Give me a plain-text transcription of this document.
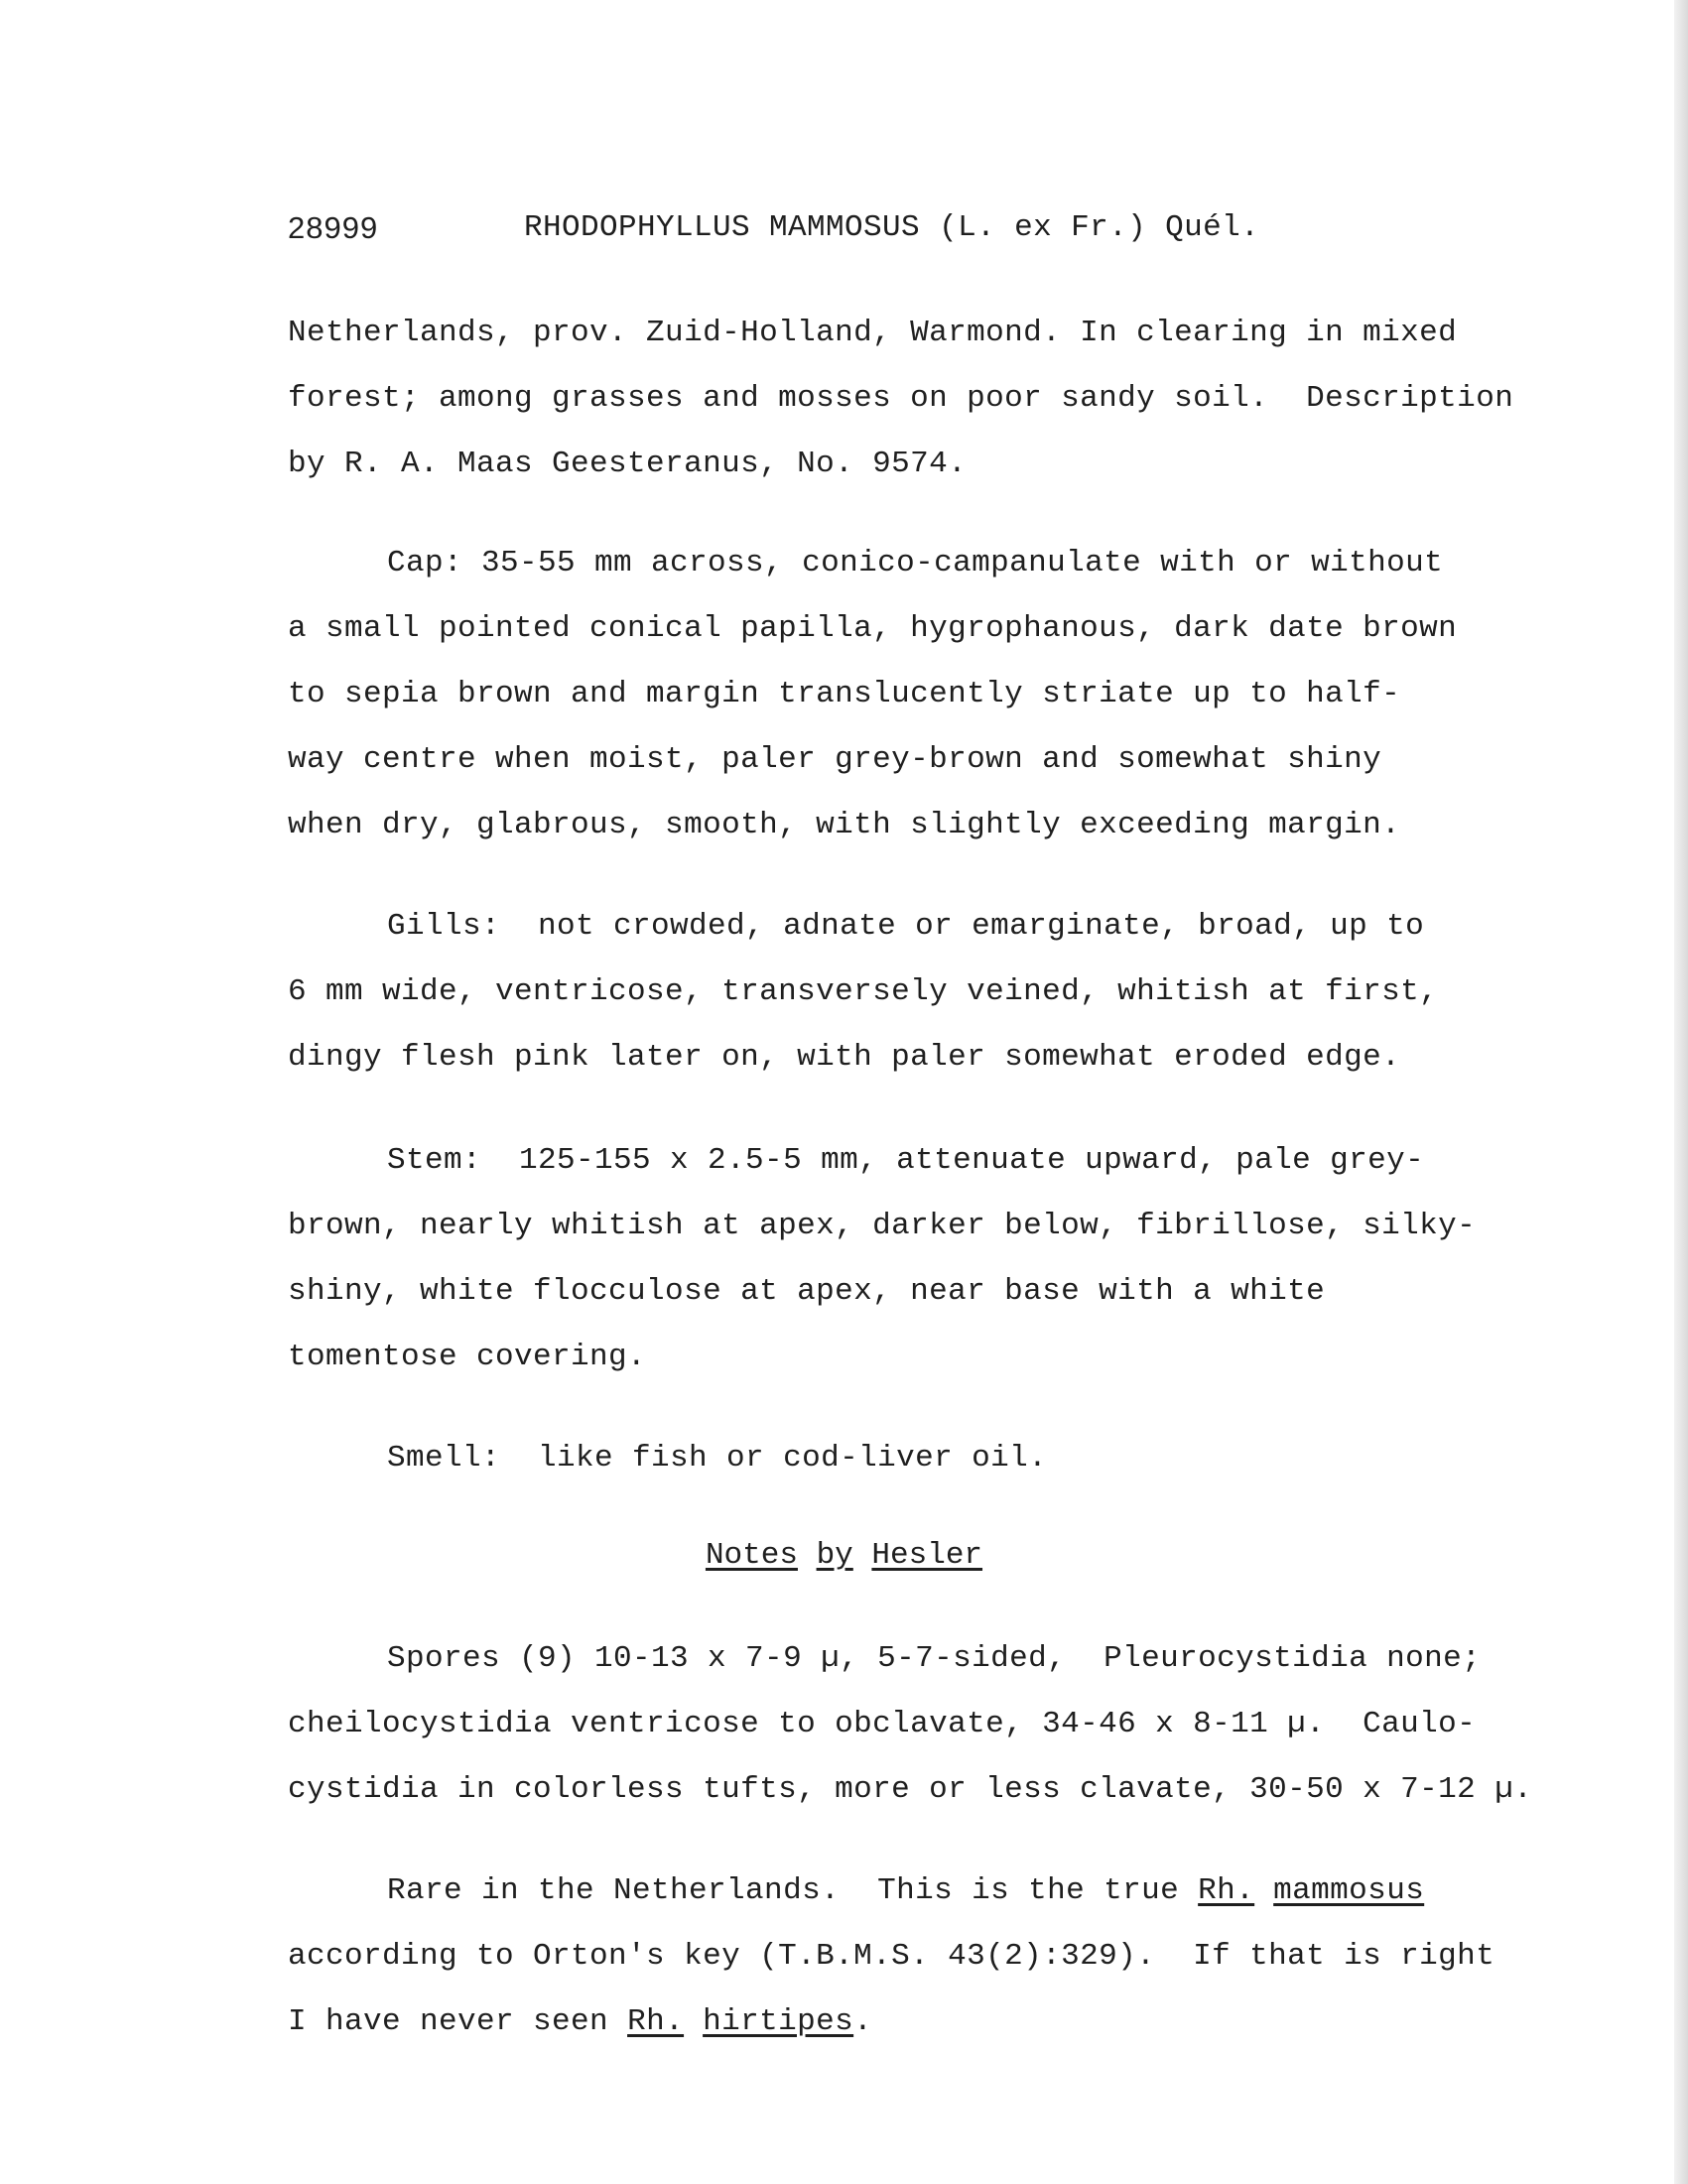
28999	RHODOPHYLLUS MAMMOSUS (L. ex Fr.) Quél.
Netherlands, prov. Zuid-Holland, Warmond. In clearing in mixed
forest; among grasses and mosses on poor sandy soil.  Description
by R. A. Maas Geesteranus, No. 9574.
Cap: 35-55 mm across, conico-campanulate with or without
a small pointed conical papilla, hygrophanous, dark date brown
to sepia brown and margin translucently striate up to half-
way centre when moist, paler grey-brown and somewhat shiny
when dry, glabrous, smooth, with slightly exceeding margin.
Gills:  not crowded, adnate or emarginate, broad, up to
6 mm wide, ventricose, transversely veined, whitish at first,
dingy flesh pink later on, with paler somewhat eroded edge.
Stem:  125-155 x 2.5-5 mm, attenuate upward, pale grey-
brown, nearly whitish at apex, darker below, fibrillose, silky-
shiny, white flocculose at apex, near base with a white
tomentose covering.
Smell:  like fish or cod-liver oil.
Notes by Hesler
Spores (9) 10-13 x 7-9 µ, 5-7-sided,  Pleurocystidia none;
cheilocystidia ventricose to obclavate, 34-46 x 8-11 µ.  Caulo-
cystidia in colorless tufts, more or less clavate, 30-50 x 7-12 µ.
Rare in the Netherlands.  This is the true Rh. mammosus
according to Orton's key (T.B.M.S. 43(2):329).  If that is right
I have never seen Rh. hirtipes.
